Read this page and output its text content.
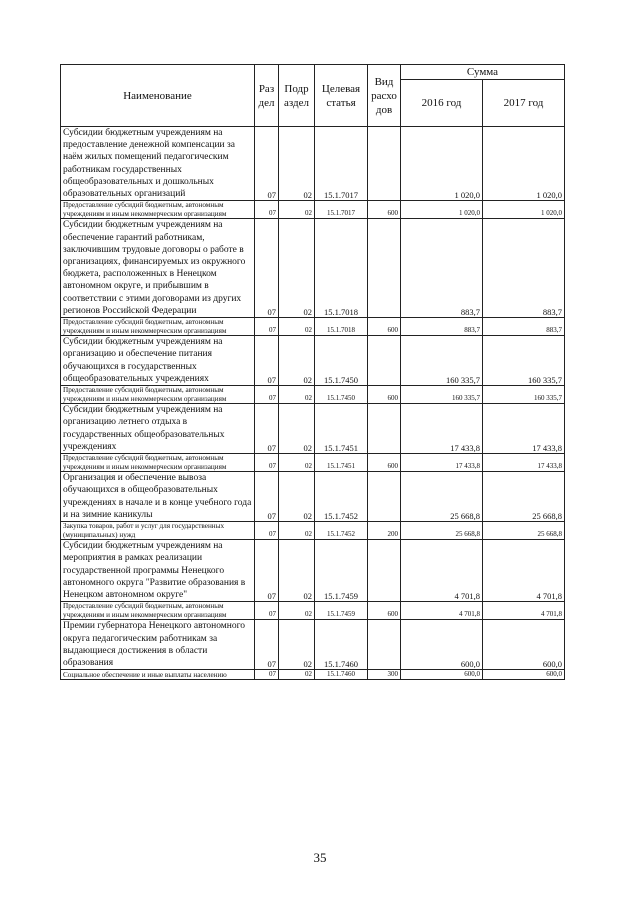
Наименование	Раз дел	Подр аздел	Целевая статья	Вид расхо дов	Сумма	
					2016 год	2017 год
Субсидии бюджетным учреждениям на предоставление денежной компенсации за наём жилых помещений педагогическим работникам государственных общеобразовательных и дошкольных образовательных организаций	07	02	15.1.7017		1 020,0	1 020,0
Предоставление субсидий бюджетным, автономным учреждениям и иным некоммерческим организациям	07	02	15.1.7017	600	1 020,0	1 020,0
Субсидии бюджетным учреждениям на обеспечение гарантий работникам, заключившим трудовые договоры о работе в организациях, финансируемых из окружного бюджета, расположенных в Ненецком автономном округе, и прибывшим в соответствии с этими договорами из других регионов Российской Федерации	07	02	15.1.7018		883,7	883,7
Предоставление субсидий бюджетным, автономным учреждениям и иным некоммерческим организациям	07	02	15.1.7018	600	883,7	883,7
Субсидии бюджетным учреждениям на организацию и обеспечение питания обучающихся в государственных общеобразовательных учреждениях	07	02	15.1.7450		160 335,7	160 335,7
Предоставление субсидий бюджетным, автономным учреждениям и иным некоммерческим организациям	07	02	15.1.7450	600	160 335,7	160 335,7
Субсидии бюджетным учреждениям на организацию летнего отдыха в государственных общеобразовательных учреждениях	07	02	15.1.7451		17 433,8	17 433,8
Предоставление субсидий бюджетным, автономным учреждениям и иным некоммерческим организациям	07	02	15.1.7451	600	17 433,8	17 433,8
Организация и обеспечение вывоза обучающихся в общеобразовательных учреждениях в начале и в конце учебного года и на зимние каникулы	07	02	15.1.7452		25 668,8	25 668,8
Закупка товаров, работ и услуг для государственных (муниципальных) нужд	07	02	15.1.7452	200	25 668,8	25 668,8
Субсидии бюджетным учреждениям на мероприятия в рамках реализации государственной программы Ненецкого автономного округа "Развитие образования в Ненецком автономном округе"	07	02	15.1.7459		4 701,8	4 701,8
Предоставление субсидий бюджетным, автономным учреждениям и иным некоммерческим организациям	07	02	15.1.7459	600	4 701,8	4 701,8
Премии губернатора Ненецкого автономного округа педагогическим работникам за выдающиеся достижения в области образования	07	02	15.1.7460		600,0	600,0
Социальное обеспечение и иные выплаты населению	07	02	15.1.7460	300	600,0	600,0
35
